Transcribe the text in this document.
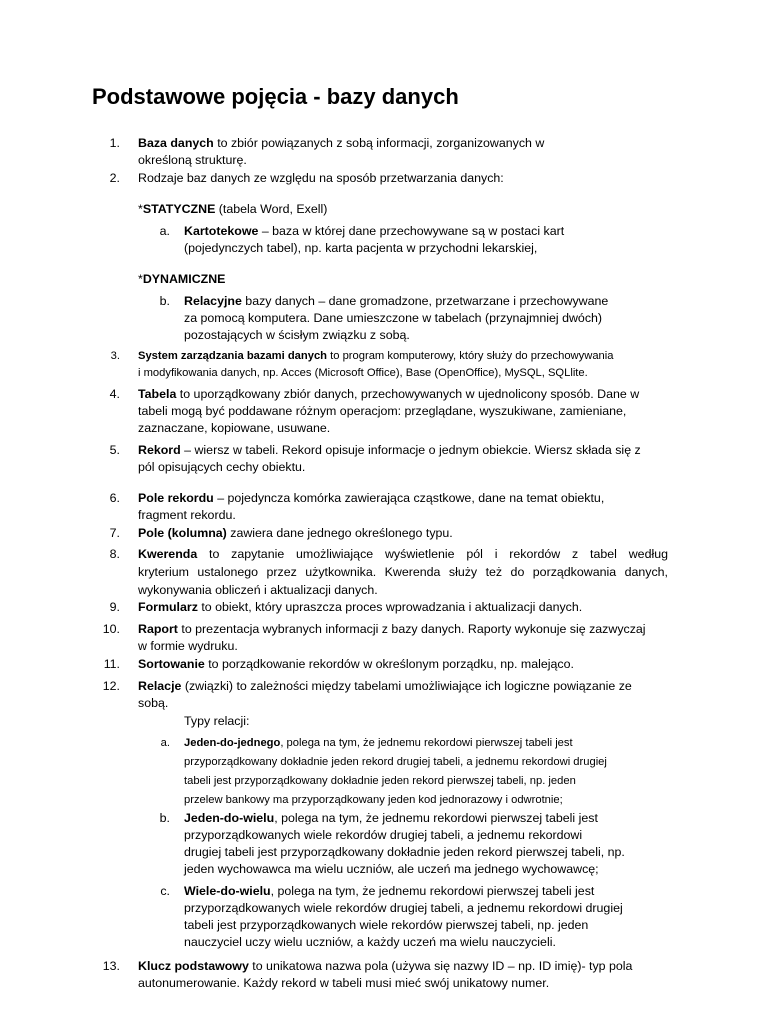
Podstawowe pojęcia - bazy danych
1. Baza danych to zbiór powiązanych z sobą informacji, zorganizowanych w
określoną strukturę.
2. Rodzaje baz danych ze względu na sposób przetwarzania danych:
*STATYCZNE (tabela Word, Exell)
a. Kartotekowe – baza w której dane przechowywane są w postaci kart
(pojedynczych tabel), np. karta pacjenta w przychodni lekarskiej,
*DYNAMICZNE
b. Relacyjne bazy danych – dane gromadzone, przetwarzane i przechowywane
za pomocą komputera. Dane umieszczone w tabelach (przynajmniej dwóch)
pozostających w ścisłym związku z sobą.
3. System zarządzania bazami danych to program komputerowy, który służy do przechowywania
i modyfikowania danych, np. Acces (Microsoft Office), Base (OpenOffice), MySQL, SQLlite.
4. Tabela to uporządkowany zbiór danych, przechowywanych w ujednolicony sposób. Dane w
tabeli mogą być poddawane różnym operacjom: przeglądane, wyszukiwane, zamieniane,
zaznaczane, kopiowane, usuwane.
5. Rekord – wiersz w tabeli. Rekord opisuje informacje o jednym obiekcie. Wiersz składa się z
pól opisujących cechy obiektu.
6. Pole rekordu – pojedyncza komórka zawierająca cząstkowe, dane na temat obiektu,
fragment rekordu.
7. Pole (kolumna) zawiera dane jednego określonego typu.
8. Kwerenda to zapytanie umożliwiające wyświetlenie pól i rekordów z tabel według
kryterium ustalonego przez użytkownika. Kwerenda służy też do porządkowania danych,
wykonywania obliczeń i aktualizacji danych.
9. Formularz to obiekt, który upraszcza proces wprowadzania i aktualizacji danych.
10. Raport to prezentacja wybranych informacji z bazy danych. Raporty wykonuje się zazwyczaj
w formie wydruku.
11. Sortowanie to porządkowanie rekordów w określonym porządku, np. malejąco.
12. Relacje (związki) to zależności między tabelami umożliwiające ich logiczne powiązanie ze
sobą.
Typy relacji:
a. Jeden-do-jednego, polega na tym, że jednemu rekordowi pierwszej tabeli jest
przyporządkowany dokładnie jeden rekord drugiej tabeli, a jednemu rekordowi drugiej
tabeli jest przyporządkowany dokładnie jeden rekord pierwszej tabeli, np. jeden
przelew bankowy ma przyporządkowany jeden kod jednorazowy i odwrotnie;
b. Jeden-do-wielu, polega na tym, że jednemu rekordowi pierwszej tabeli jest
przyporządkowanych wiele rekordów drugiej tabeli, a jednemu rekordowi
drugiej tabeli jest przyporządkowany dokładnie jeden rekord pierwszej tabeli, np.
jeden wychowawca ma wielu uczniów, ale uczeń ma jednego wychowawcę;
c. Wiele-do-wielu, polega na tym, że jednemu rekordowi pierwszej tabeli jest
przyporządkowanych wiele rekordów drugiej tabeli, a jednemu rekordowi drugiej
tabeli jest przyporządkowanych wiele rekordów pierwszej tabeli, np. jeden
nauczyciel uczy wielu uczniów, a każdy uczeń ma wielu nauczycieli.
13. Klucz podstawowy to unikatowa nazwa pola (używa się nazwy ID – np. ID imię)- typ pola
autonumerowanie. Każdy rekord w tabeli musi mieć swój unikatowy numer.
